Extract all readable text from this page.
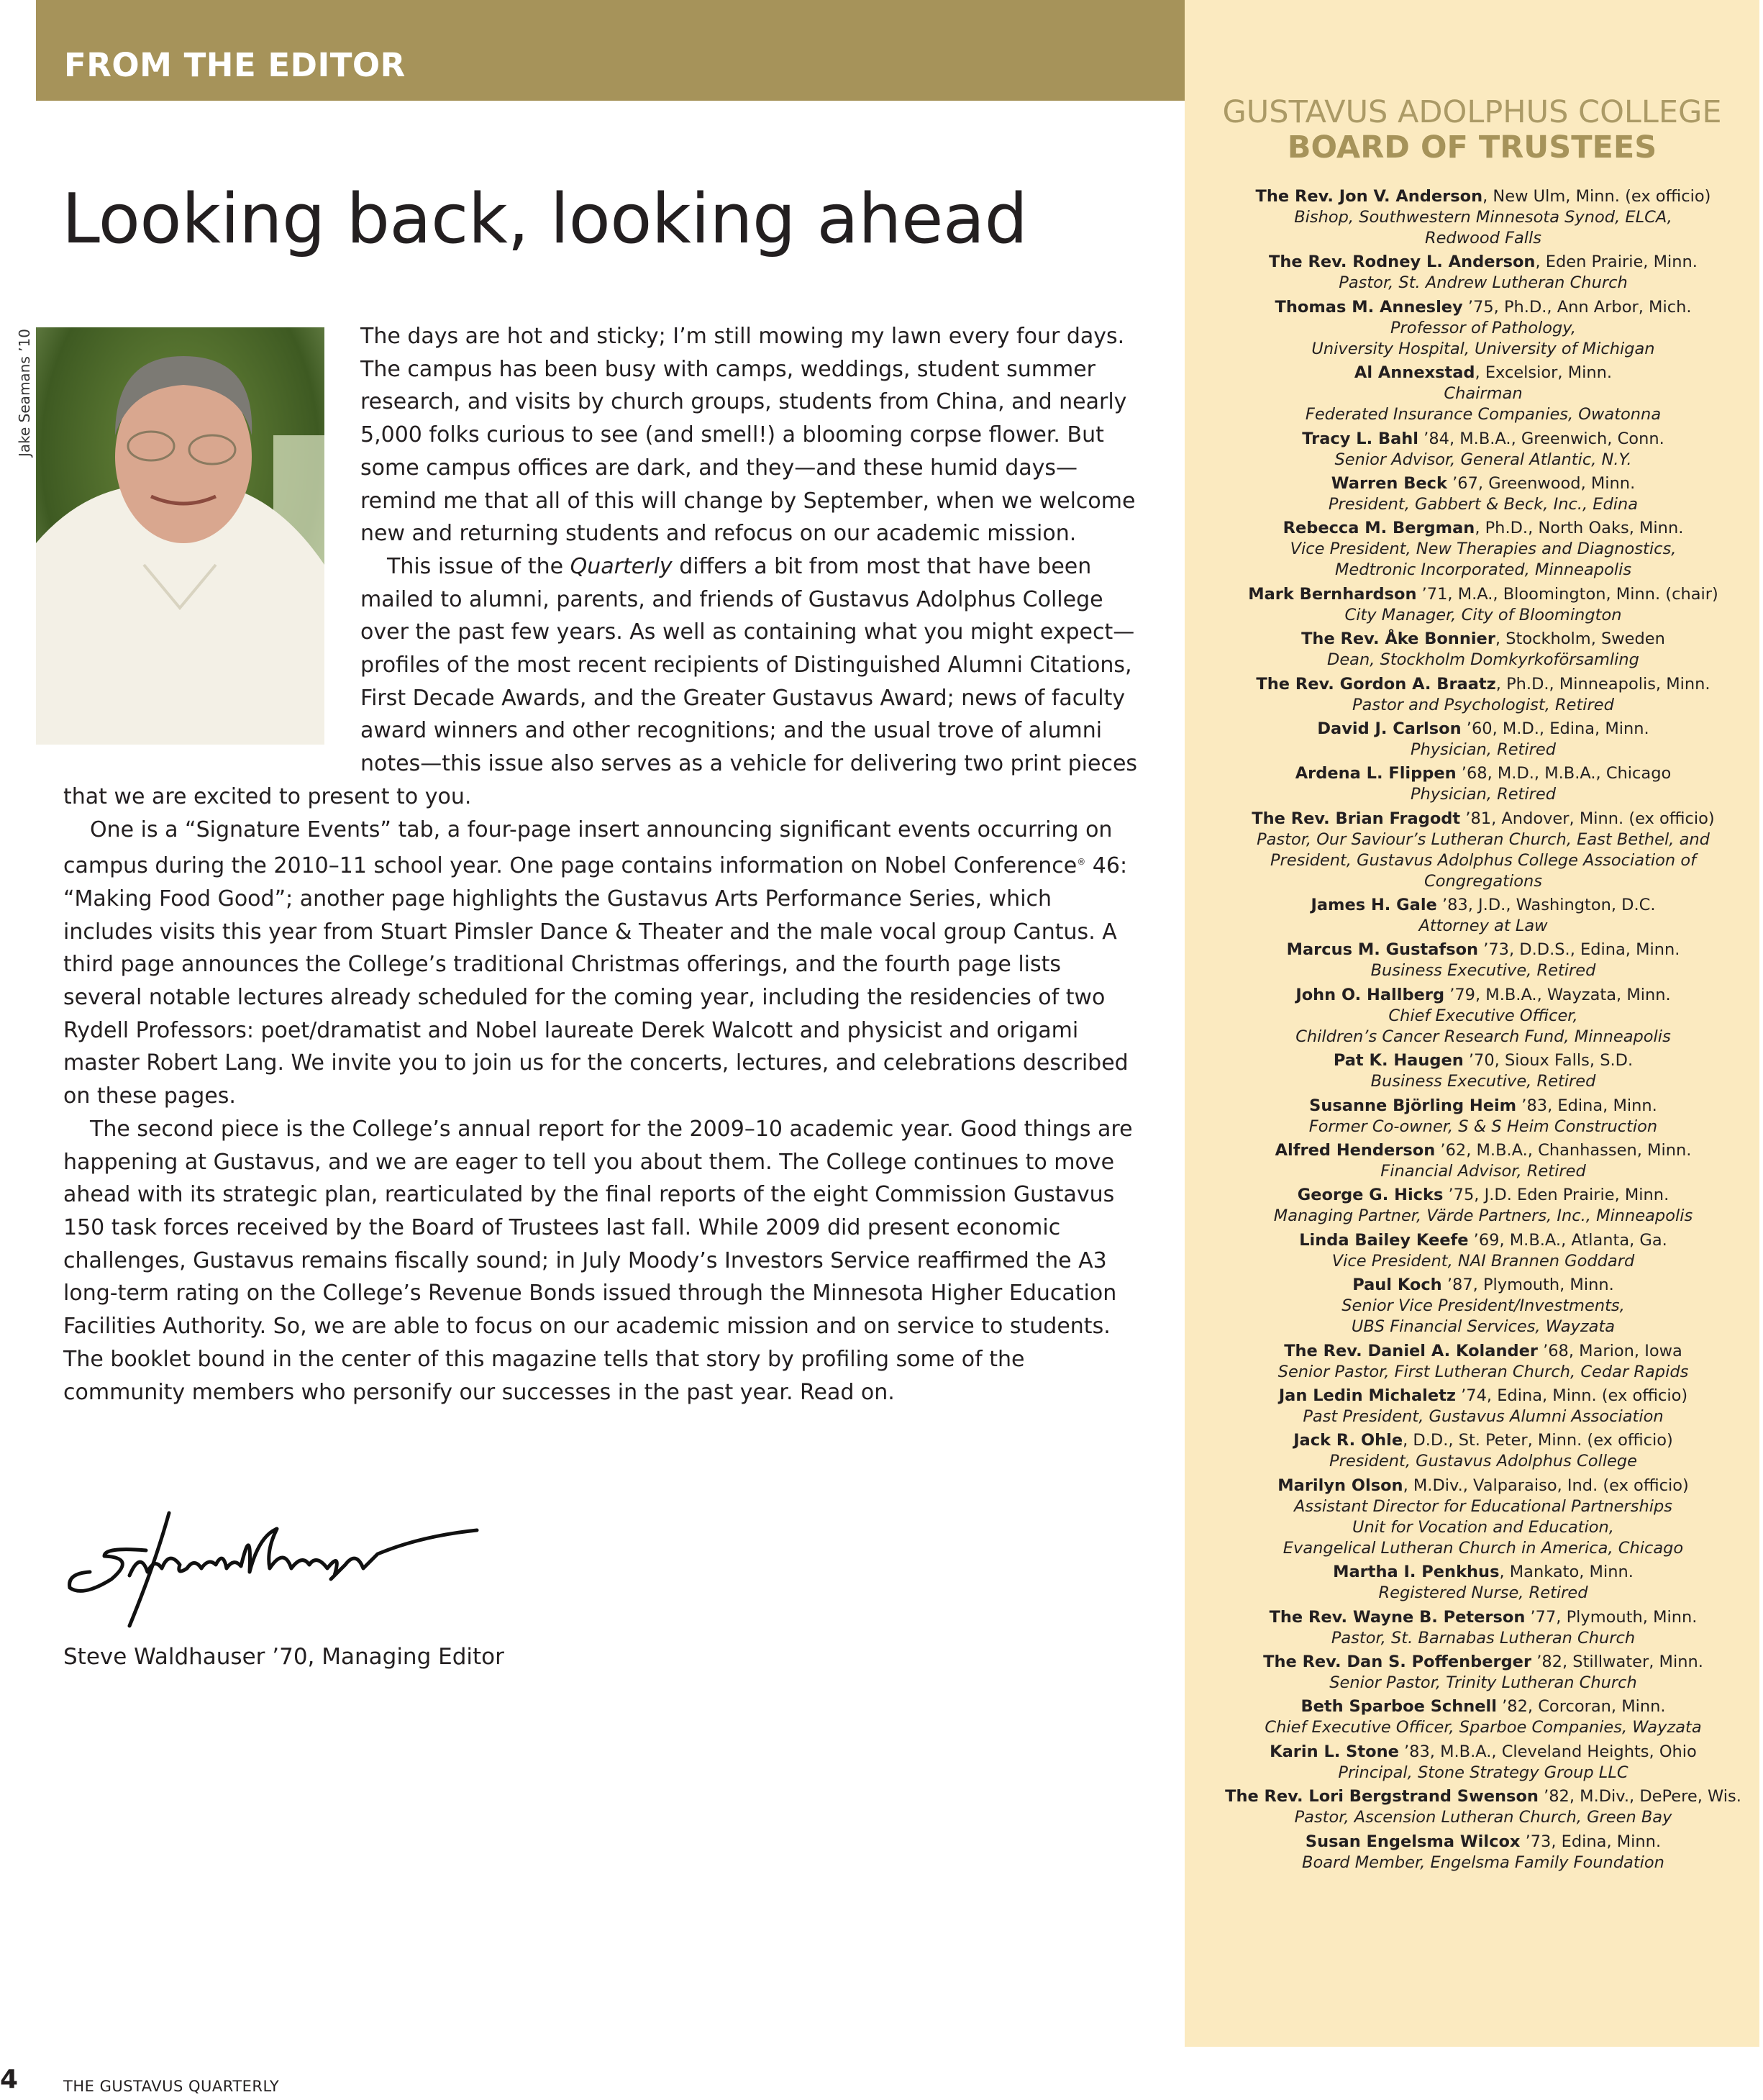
FROM THE EDITOR
Looking back, looking ahead
Jake Seamans ’10	The days are hot and sticky; I’m still mowing my lawn every four days. The campus has been busy with camps, weddings, student summer research, and visits by church groups, students from China, and nearly 5,000 folks curious to see (and smell!) a blooming corpse flower. But some campus offices are dark, and they—and these humid days—remind me that all of this will change by September, when we welcome new and returning students and refocus on our academic mission.

This issue of the Quarterly differs a bit from most that have been mailed to alumni, parents, and friends of Gustavus Adolphus College over the past few years. As well as containing what you might expect—profiles of the most recent recipients of Distinguished Alumni Citations, First Decade Awards, and the Greater Gustavus Award; news of faculty award winners and other recognitions; and the usual trove of alumni notes—this issue also serves as a vehicle for delivering two print pieces that we are excited to present to you.

One is a “Signature Events” tab, a four-page insert announcing significant events occurring on campus during the 2010–11 school year. One page contains information on Nobel Conference® 46: “Making Food Good”; another page highlights the Gustavus Arts Performance Series, which includes visits this year from Stuart Pimsler Dance & Theater and the male vocal group Cantus. A third page announces the College’s traditional Christmas offerings, and the fourth page lists several notable lectures already scheduled for the coming year, including the residencies of two Rydell Professors: poet/dramatist and Nobel laureate Derek Walcott and physicist and origami master Robert Lang. We invite you to join us for the concerts, lectures, and celebrations described on these pages.

The second piece is the College’s annual report for the 2009–10 academic year. Good things are happening at Gustavus, and we are eager to tell you about them. The College continues to move ahead with its strategic plan, rearticulated by the final reports of the eight Commission Gustavus 150 task forces received by the Board of Trustees last fall. While 2009 did present economic challenges, Gustavus remains fiscally sound; in July Moody’s Investors Service reaffirmed the A3 long-term rating on the College’s Revenue Bonds issued through the Minnesota Higher Education Facilities Authority. So, we are able to focus on our academic mission and on service to students. The booklet bound in the center of this magazine tells that story by profiling some of the community members who personify our successes in the past year. Read on.

Steve Waldhauser ’70, Managing Editor
GUSTAVUS ADOLPHUS COLLEGE
BOARD OF TRUSTEES
The Rev. Jon V. Anderson, New Ulm, Minn. (ex officio)
Bishop, Southwestern Minnesota Synod, ELCA,
Redwood Falls
The Rev. Rodney L. Anderson, Eden Prairie, Minn.
Pastor, St. Andrew Lutheran Church
Thomas M. Annesley ’75, Ph.D., Ann Arbor, Mich.
Professor of Pathology,
University Hospital, University of Michigan
Al Annexstad, Excelsior, Minn.
Chairman
Federated Insurance Companies, Owatonna
Tracy L. Bahl ’84, M.B.A., Greenwich, Conn.
Senior Advisor, General Atlantic, N.Y.
Warren Beck ’67, Greenwood, Minn.
President, Gabbert & Beck, Inc., Edina
Rebecca M. Bergman, Ph.D., North Oaks, Minn.
Vice President, New Therapies and Diagnostics,
Medtronic Incorporated, Minneapolis
Mark Bernhardson ’71, M.A., Bloomington, Minn. (chair)
City Manager, City of Bloomington
The Rev. Åke Bonnier, Stockholm, Sweden
Dean, Stockholm Domkyrkoförsamling
The Rev. Gordon A. Braatz, Ph.D., Minneapolis, Minn.
Pastor and Psychologist, Retired
David J. Carlson ’60, M.D., Edina, Minn.
Physician, Retired
Ardena L. Flippen ’68, M.D., M.B.A., Chicago
Physician, Retired
The Rev. Brian Fragodt ’81, Andover, Minn. (ex officio)
Pastor, Our Saviour’s Lutheran Church, East Bethel, and
President, Gustavus Adolphus College Association of
Congregations
James H. Gale ’83, J.D., Washington, D.C.
Attorney at Law
Marcus M. Gustafson ’73, D.D.S., Edina, Minn.
Business Executive, Retired
John O. Hallberg ’79, M.B.A., Wayzata, Minn.
Chief Executive Officer,
Children’s Cancer Research Fund, Minneapolis
Pat K. Haugen ’70, Sioux Falls, S.D.
Business Executive, Retired
Susanne Björling Heim ’83, Edina, Minn.
Former Co-owner, S & S Heim Construction
Alfred Henderson ’62, M.B.A., Chanhassen, Minn.
Financial Advisor, Retired
George G. Hicks ’75, J.D. Eden Prairie, Minn.
Managing Partner, Värde Partners, Inc., Minneapolis
Linda Bailey Keefe ’69, M.B.A., Atlanta, Ga.
Vice President, NAI Brannen Goddard
Paul Koch ’87, Plymouth, Minn.
Senior Vice President/Investments,
UBS Financial Services, Wayzata
The Rev. Daniel A. Kolander ’68, Marion, Iowa
Senior Pastor, First Lutheran Church, Cedar Rapids
Jan Ledin Michaletz ’74, Edina, Minn. (ex officio)
Past President, Gustavus Alumni Association
Jack R. Ohle, D.D., St. Peter, Minn. (ex officio)
President, Gustavus Adolphus College
Marilyn Olson, M.Div., Valparaiso, Ind. (ex officio)
Assistant Director for Educational Partnerships
Unit for Vocation and Education,
Evangelical Lutheran Church in America, Chicago
Martha I. Penkhus, Mankato, Minn.
Registered Nurse, Retired
The Rev. Wayne B. Peterson ’77, Plymouth, Minn.
Pastor, St. Barnabas Lutheran Church
The Rev. Dan S. Poffenberger ’82, Stillwater, Minn.
Senior Pastor, Trinity Lutheran Church
Beth Sparboe Schnell ’82, Corcoran, Minn.
Chief Executive Officer, Sparboe Companies, Wayzata
Karin L. Stone ’83, M.B.A., Cleveland Heights, Ohio
Principal, Stone Strategy Group LLC
The Rev. Lori Bergstrand Swenson ’82, M.Div., DePere, Wis.
Pastor, Ascension Lutheran Church, Green Bay
Susan Engelsma Wilcox ’73, Edina, Minn.
Board Member, Engelsma Family Foundation
4	THE GUSTAVUS QUARTERLY
